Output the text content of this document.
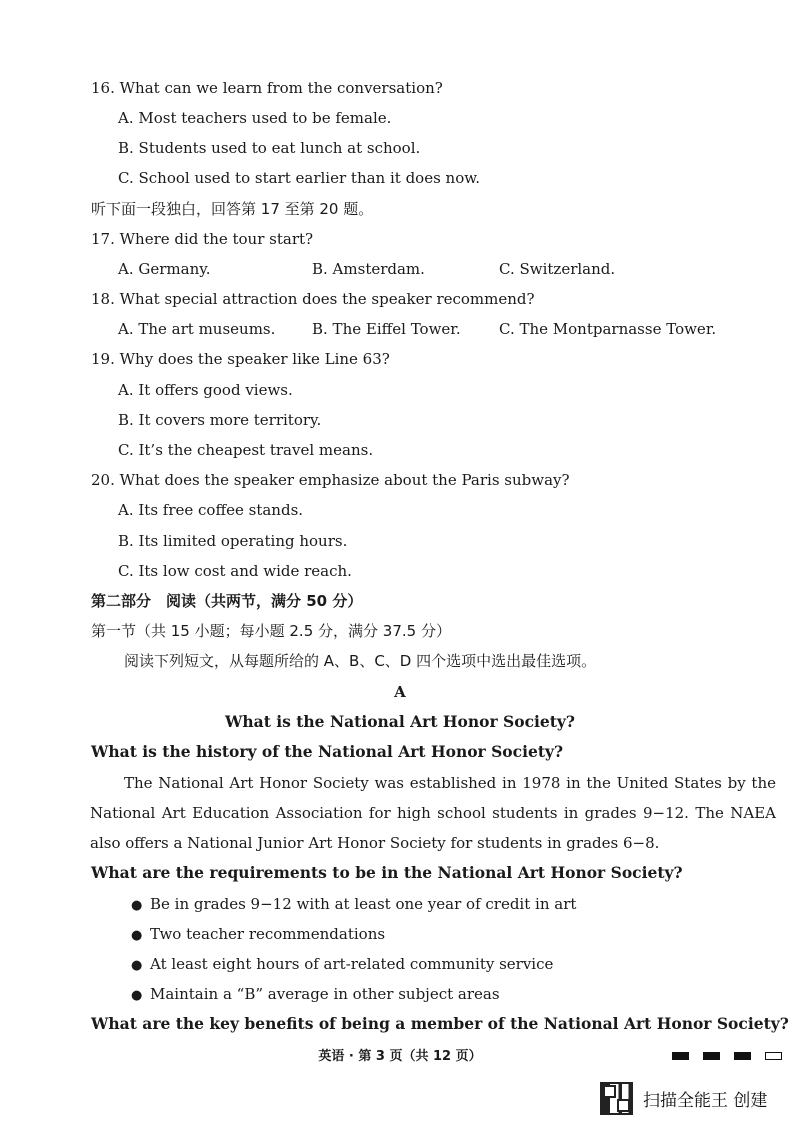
16. What can we learn from the conversation?
A. Most teachers used to be female.
B. Students used to eat lunch at school.
C. School used to start earlier than it does now.
听下面一段独白，回答第 17 至第 20 题。
17. Where did the tour start?
A. Germany.	B. Amsterdam.	C. Switzerland.
18. What special attraction does the speaker recommend?
A. The art museums.	B. The Eiffel Tower.	C. The Montparnasse Tower.
19. Why does the speaker like Line 63?
A. It offers good views.
B. It covers more territory.
C. It’s the cheapest travel means.
20. What does the speaker emphasize about the Paris subway?
A. Its free coffee stands.
B. Its limited operating hours.
C. Its low cost and wide reach.
第二部分　阅读（共两节，满分 50 分）
第一节（共 15 小题；每小题 2.5 分，满分 37.5 分）
阅读下列短文，从每题所给的 A、B、C、D 四个选项中选出最佳选项。
A
What is the National Art Honor Society?
What is the history of the National Art Honor Society?
The National Art Honor Society was established in 1978 in the United States by the National Art Education Association for high school students in grades 9−12. The NAEA also offers a National Junior Art Honor Society for students in grades 6−8.
What are the requirements to be in the National Art Honor Society?
● Be in grades 9−12 with at least one year of credit in art
● Two teacher recommendations
● At least eight hours of art-related community service
● Maintain a “B” average in other subject areas
What are the key benefits of being a member of the National Art Honor Society?
英语 · 第 3 页（共 12 页）
扫描全能王 创建
